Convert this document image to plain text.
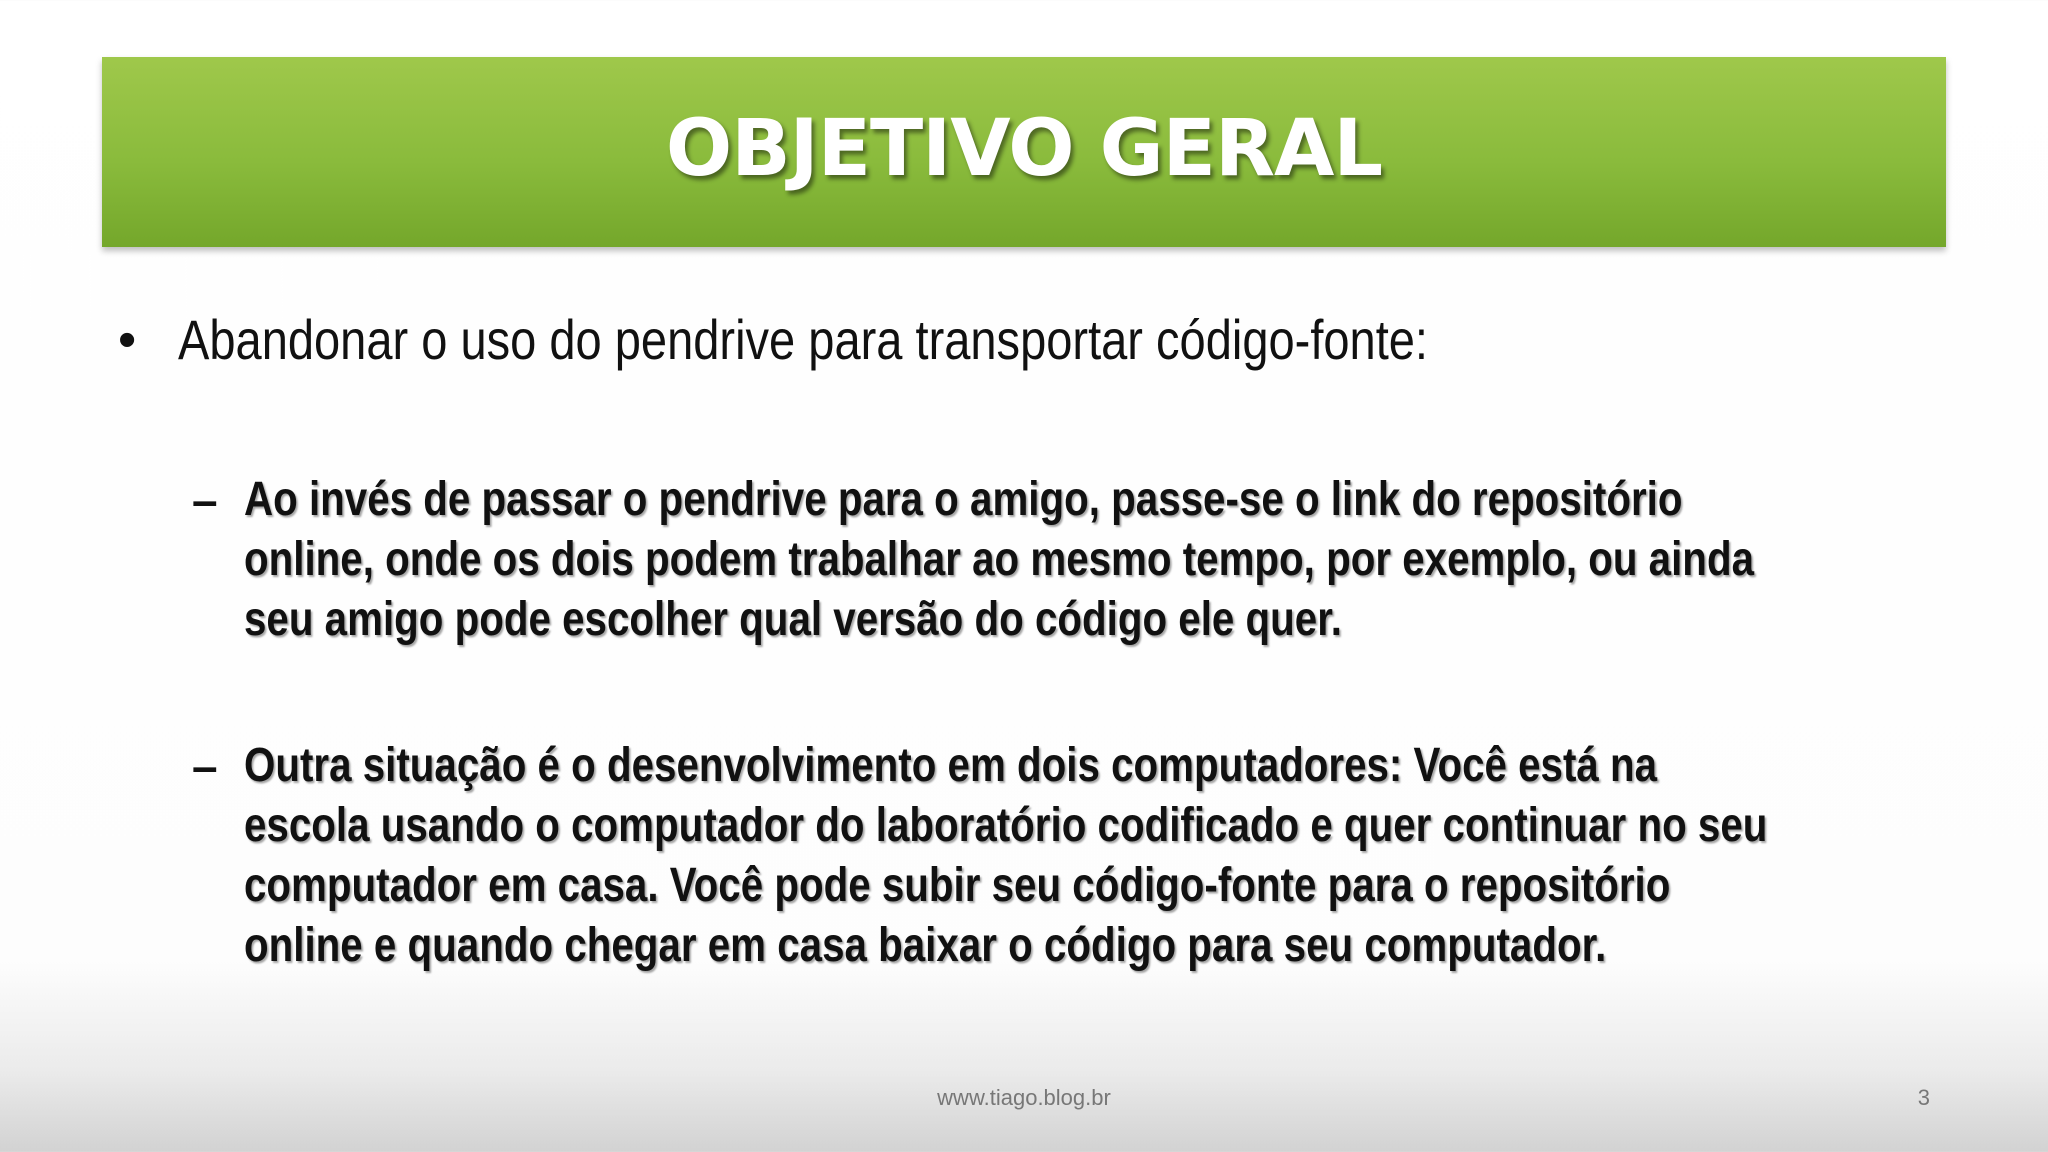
OBJETIVO GERAL
• Abandonar o uso do pendrive para transportar código-fonte:
– Ao invés de passar o pendrive para o amigo, passe-se o link do repositório online, onde os dois podem trabalhar ao mesmo tempo, por exemplo, ou ainda seu amigo pode escolher qual versão do código ele quer.
– Outra situação é o desenvolvimento em dois computadores: Você está na escola usando o computador do laboratório codificado e quer continuar no seu computador em casa. Você pode subir seu código-fonte para o repositório online e quando chegar em casa baixar o código para seu computador.
www.tiago.blog.br	3
